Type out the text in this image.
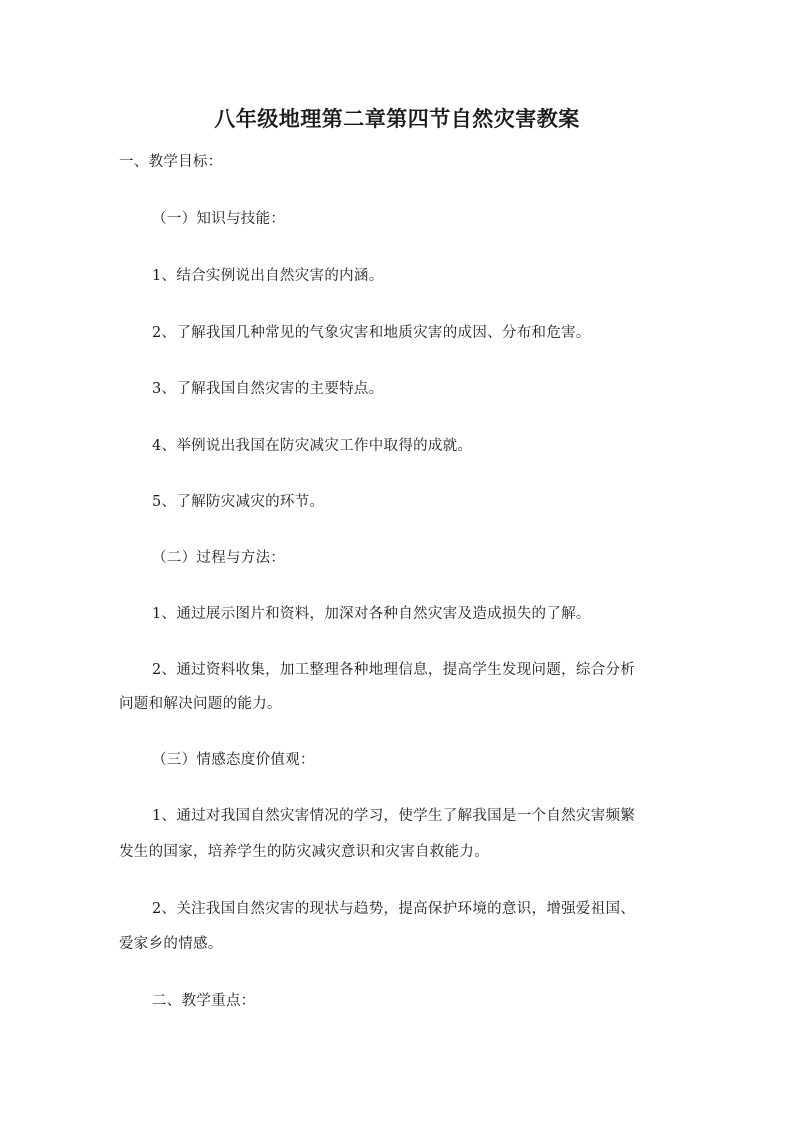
八年级地理第二章第四节自然灾害教案
一、教学目标：
（一）知识与技能：
1、结合实例说出自然灾害的内涵。
2、了解我国几种常见的气象灾害和地质灾害的成因、分布和危害。
3、了解我国自然灾害的主要特点。
4、举例说出我国在防灾减灾工作中取得的成就。
5、了解防灾减灾的环节。
（二）过程与方法：
1、通过展示图片和资料，加深对各种自然灾害及造成损失的了解。
2、通过资料收集，加工整理各种地理信息，提高学生发现问题，综合分析
问题和解决问题的能力。
（三）情感态度价值观：
1、通过对我国自然灾害情况的学习，使学生了解我国是一个自然灾害频繁
发生的国家，培养学生的防灾减灾意识和灾害自救能力。
2、关注我国自然灾害的现状与趋势，提高保护环境的意识，增强爱祖国、
爱家乡的情感。
二、教学重点：
